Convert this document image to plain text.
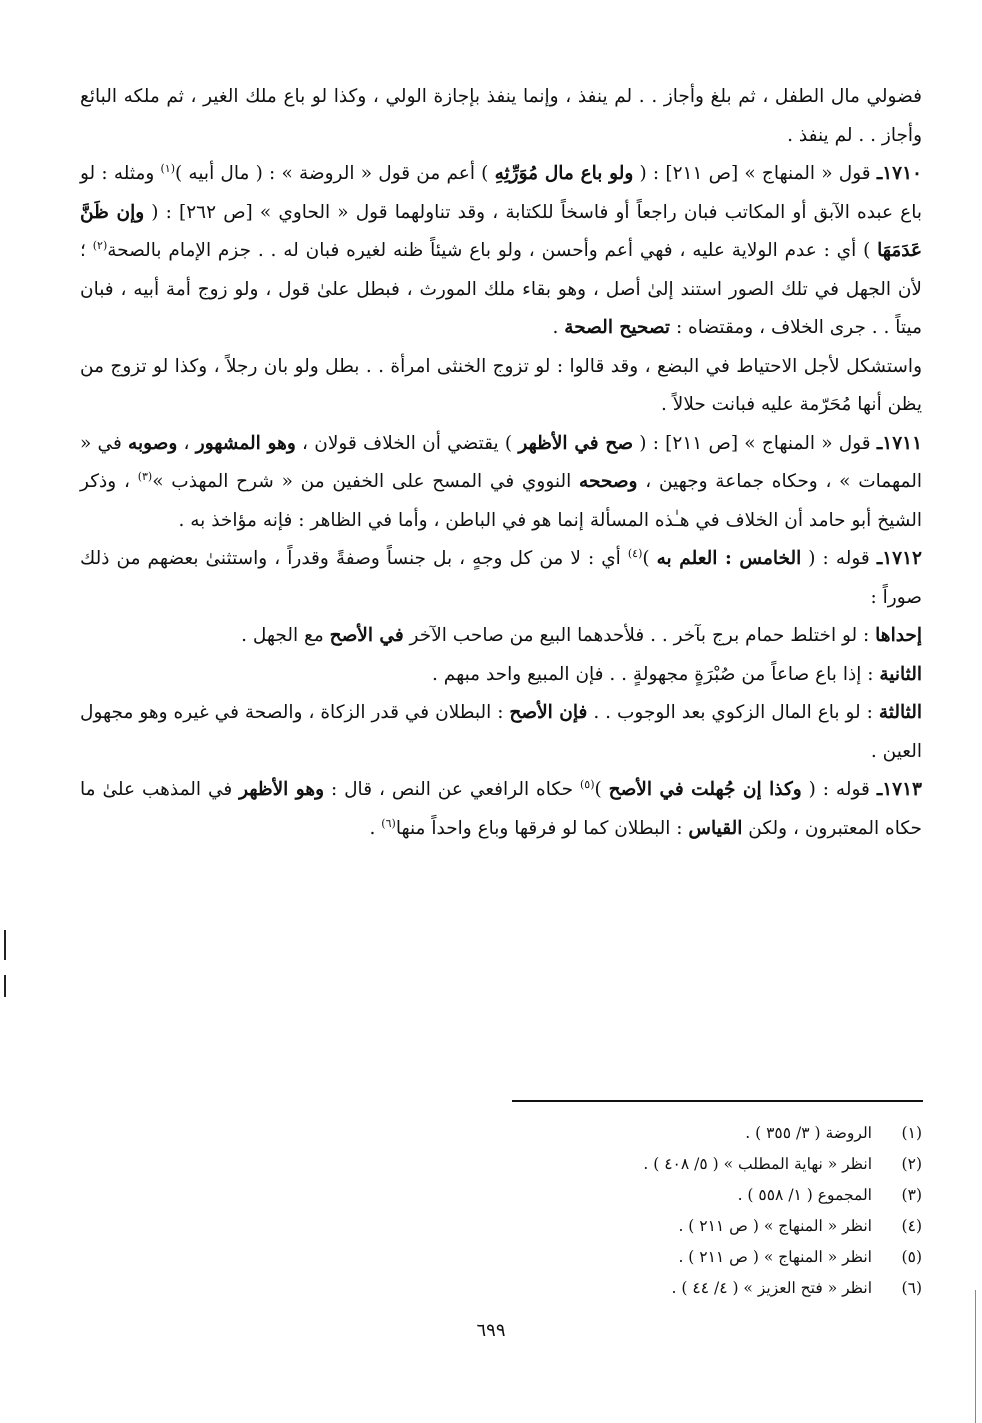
فضولي مال الطفل ، ثم بلغ وأجاز . . لم ينفذ ، وإنما ينفذ بإجازة الولي ، وكذا لو باع ملك الغير ، ثم ملكه البائع وأجاز . . لم ينفذ .

١٧١٠ـ قول « المنهاج » [ص ٢١١] : ( ولو باع مال مُوَرِّثِهِ ) أعم من قول « الروضة » : ( مال أبيه )$^{(١)}$ ومثله : لو باع عبده الآبق أو المكاتب فبان راجعاً أو فاسخاً للكتابة ، وقد تناولهما قول « الحاوي » [ص ٢٦٢] : ( وإن ظَنَّ عَدَمَهَا ) أي : عدم الولاية عليه ، فهي أعم وأحسن ، ولو باع شيئاً ظنه لغيره فبان له . . جزم الإمام بالصحة$^{(٢)}$ ؛ لأن الجهل في تلك الصور استند إلىٰ أصل ، وهو بقاء ملك المورث ، فبطل علىٰ قول ، ولو زوج أمة أبيه ، فبان ميتاً . . جرى الخلاف ، ومقتضاه : تصحيح الصحة .

واستشكل لأجل الاحتياط في البضع ، وقد قالوا : لو تزوج الخنثى امرأة . . بطل ولو بان رجلاً ، وكذا لو تزوج من يظن أنها مُحَرّمة عليه فبانت حلالاً .

١٧١١ـ قول « المنهاج » [ص ٢١١] : ( صح في الأظهر ) يقتضي أن الخلاف قولان ، وهو المشهور ، وصوبه في « المهمات » ، وحكاه جماعة وجهين ، وصححه النووي في المسح على الخفين من « شرح المهذب »$^{(٣)}$ ، وذكر الشيخ أبو حامد أن الخلاف في هـٰذه المسألة إنما هو في الباطن ، وأما في الظاهر : فإنه مؤاخذ به .

١٧١٢ـ قوله : ( الخامس : العلم به )$^{(٤)}$ أي : لا من كل وجهٍ ، بل جنساً وصفةً وقدراً ، واستثنىٰ بعضهم من ذلك صوراً :

إحداها : لو اختلط حمام برج بآخر . . فلأحدهما البيع من صاحب الآخر في الأصح مع الجهل .

الثانية : إذا باع صاعاً من صُبْرَةٍ مجهولةٍ . . فإن المبيع واحد مبهم .

الثالثة : لو باع المال الزكوي بعد الوجوب . . فإن الأصح : البطلان في قدر الزكاة ، والصحة في غيره وهو مجهول العين .

١٧١٣ـ قوله : ( وكذا إن جُهلت في الأصح )$^{(٥)}$ حكاه الرافعي عن النص ، قال : وهو الأظهر في المذهب علىٰ ما حكاه المعتبرون ، ولكن القياس : البطلان كما لو فرقها وباع واحداً منها$^{(٦)}$ .

(١)الروضة ( ٣/ ٣٥٥ ) .
(٢)انظر « نهاية المطلب » ( ٥/ ٤٠٨ ) .
(٣)المجموع ( ١/ ٥٥٨ ) .
(٤)انظر « المنهاج » ( ص ٢١١ ) .
(٥)انظر « المنهاج » ( ص ٢١١ ) .
(٦)انظر « فتح العزيز » ( ٤/ ٤٤ ) .
٦٩٩
